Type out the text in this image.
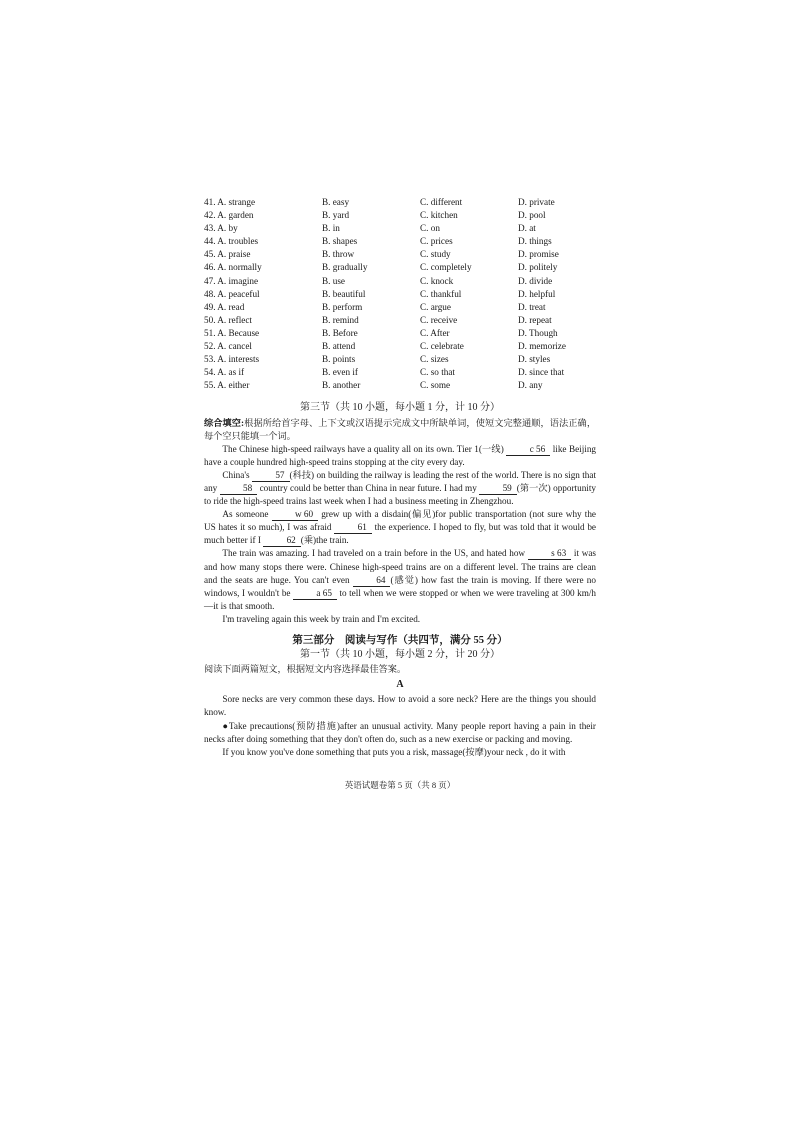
41. A. strange	B. easy	C. different	D. private
42. A. garden	B. yard	C. kitchen	D. pool
43. A. by	B. in	C. on	D. at
44. A. troubles	B. shapes	C. prices	D. things
45. A. praise	B. throw	C. study	D. promise
46. A. normally	B. gradually	C. completely	D. politely
47. A. imagine	B. use	C. knock	D. divide
48. A. peaceful	B. beautiful	C. thankful	D. helpful
49. A. read	B. perform	C. argue	D. treat
50. A. reflect	B. remind	C. receive	D. repeat
51. A. Because	B. Before	C. After	D. Though
52. A. cancel	B. attend	C. celebrate	D. memorize
53. A. interests	B. points	C. sizes	D. styles
54. A. as if	B. even if	C. so that	D. since that
55. A. either	B. another	C. some	D. any
第三节（共 10 小题，每小题 1 分，计 10 分）

综合填空:根据所给首字母、上下文或汉语提示完成文中所缺单词，使短文完整通顺，语法正确，每个空只能填一个词。

The Chinese high-speed railways have a quality all on its own. Tier 1(一线)	c 56 like Beijing have a couple hundred high-speed trains stopping at the city every day.

China's	57 (科技) on building the railway is leading the rest of the world. There is no sign that any	58 country could be better than China in near future. I had my	59 (第一次) opportunity to ride the high-speed trains last week when I had a business meeting in Zhengzhou.

As someone	w 60 grew up with a disdain(偏见)for public transportation (not sure why the US hates it so much), I was afraid	61 the experience. I hoped to fly, but was told that it would be much better if I	62 (乘)the train.

The train was amazing. I had traveled on a train before in the US, and hated how	s 63 it was and how many stops there were. Chinese high-speed trains are on a different level. The trains are clean and the seats are huge. You can't even	64 (感觉) how fast the train is moving. If there were no windows, I wouldn't be	a 65 to tell when we were stopped or when we were traveling at 300 km/h—it is that smooth.

I'm traveling again this week by train and I'm excited.

第三部分　阅读与写作（共四节，满分 55 分）
第一节（共 10 小题，每小题 2 分，计 20 分）

阅读下面两篇短文，根据短文内容选择最佳答案。

A

Sore necks are very common these days. How to avoid a sore neck? Here are the things you should know.

●Take precautions(预防措施)after an unusual activity. Many people report having a pain in their necks after doing something that they don't often do, such as a new exercise or packing and moving.

If you know you've done something that puts you a risk, massage(按摩)your neck , do it with

英语试题卷第 5 页（共 8 页）
